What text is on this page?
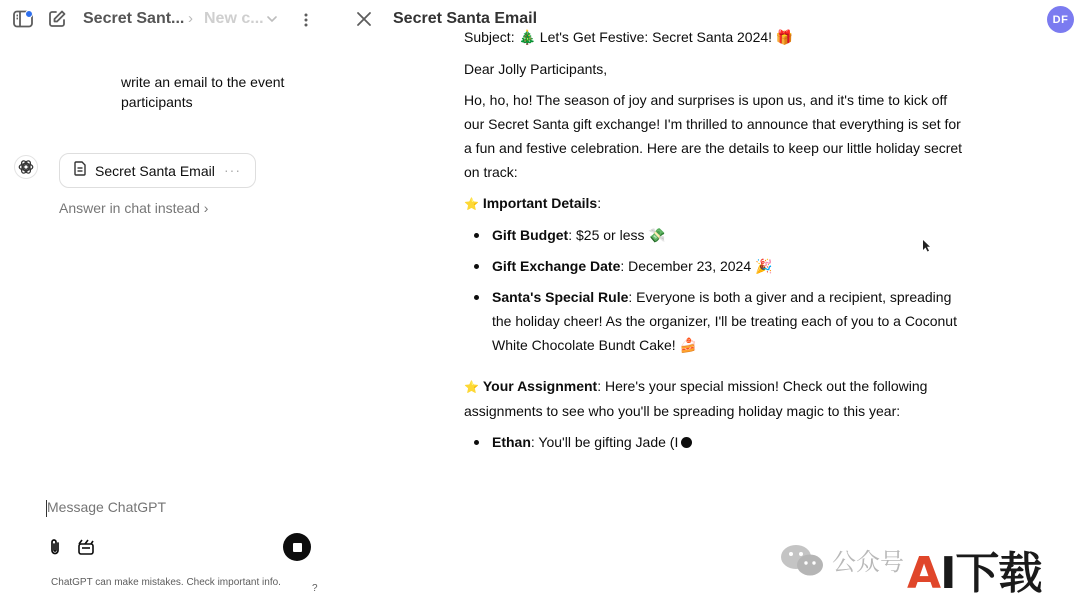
Secret Sant... › New c...
write an email to the event participants
Secret Santa Email ···
Answer in chat instead ›
Message ChatGPT
ChatGPT can make mistakes. Check important info.
?
Secret Santa Email	DF

Subject: 🎄 Let's Get Festive: Secret Santa 2024! 🎁

Dear Jolly Participants,

Ho, ho, ho! The season of joy and surprises is upon us, and it's time to kick off our Secret Santa gift exchange! I'm thrilled to announce that everything is set for a fun and festive celebration. Here are the details to keep our little holiday secret on track:

⭐ Important Details:

Gift Budget: $25 or less 💸
Gift Exchange Date: December 23, 2024 🎉
Santa's Special Rule: Everyone is both a giver and a recipient, spreading the holiday cheer! As the organizer, I'll be treating each of you to a Coconut White Chocolate Bundt Cake! 🍰

⭐ Your Assignment: Here's your special mission! Check out the following assignments to see who you'll be spreading holiday magic to this year:

Ethan: You'll be gifting Jade (I
公众号 AI下载
